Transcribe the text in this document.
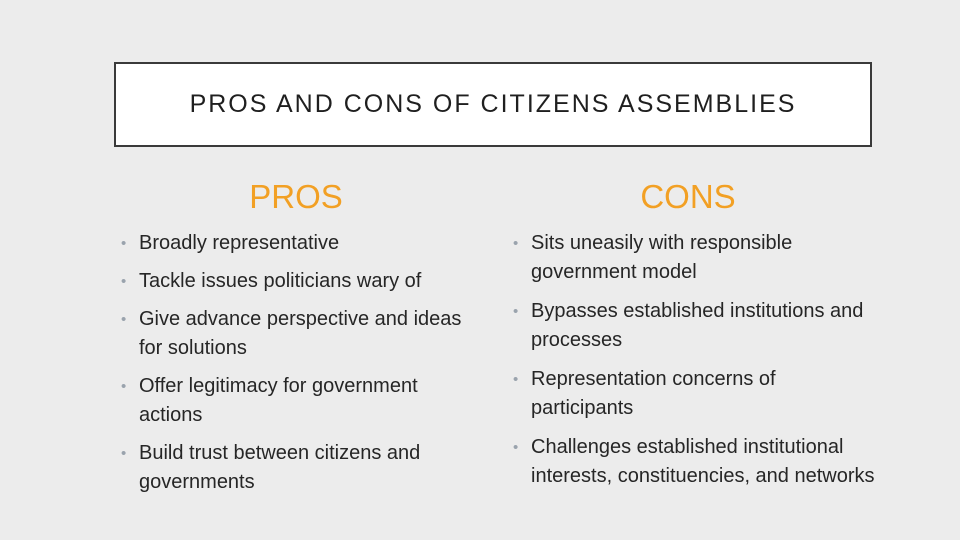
PROS AND CONS OF CITIZENS ASSEMBLIES
PROS	CONS
• Broadly representative
• Tackle issues politicians wary of
• Give advance perspective and ideas for solutions
• Offer legitimacy for government actions
• Build trust between citizens and governments
• Sits uneasily with responsible government model
• Bypasses established institutions and processes
• Representation concerns of participants
• Challenges established institutional interests, constituencies, and networks
